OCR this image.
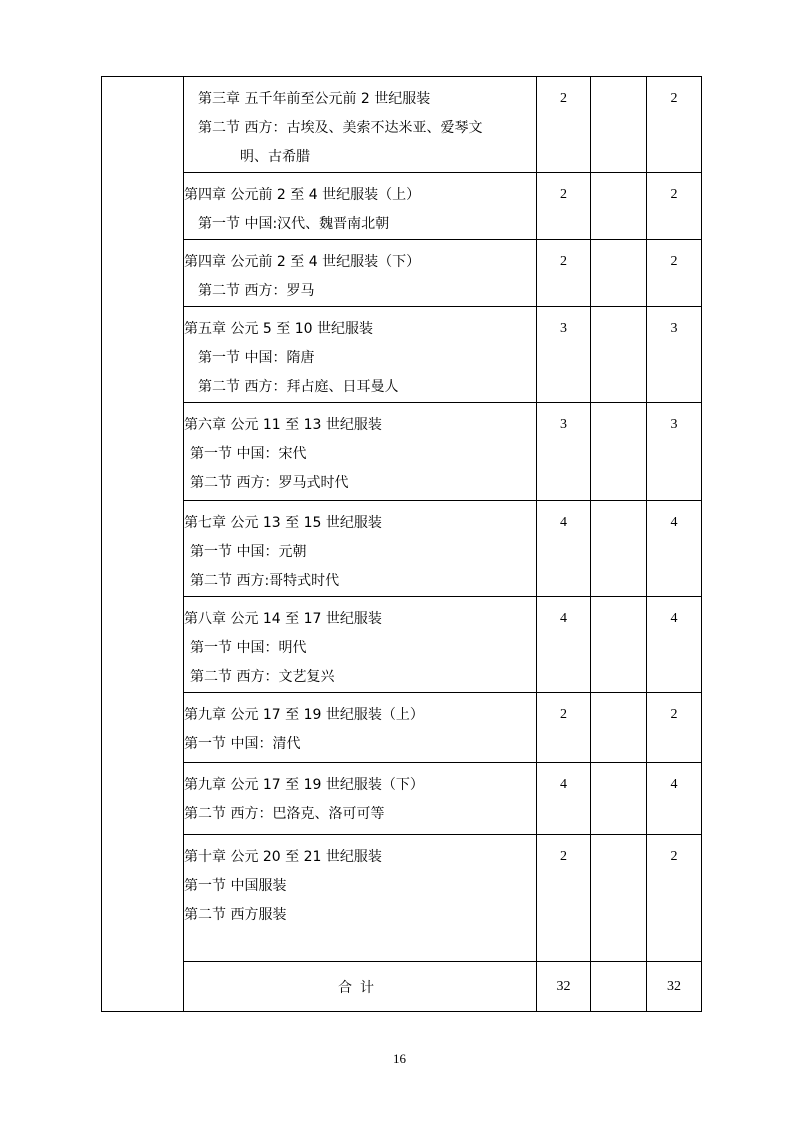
	第三章 五千年前至公元前 2 世纪服装
第二节 西方：古埃及、美索不达米亚、爱琴文
明、古希腊	2		2

	第四章 公元前 2 至 4 世纪服装（上）
第一节 中国:汉代、魏晋南北朝	2		2

	第四章 公元前 2 至 4 世纪服装（下）
第二节 西方：罗马	2		2

	第五章 公元 5 至 10 世纪服装
第一节 中国：隋唐
第二节 西方：拜占庭、日耳曼人	3		3

	第六章 公元 11 至 13 世纪服装
第一节 中国：宋代
第二节 西方：罗马式时代	3		3

	第七章 公元 13 至 15 世纪服装
第一节 中国：元朝
第二节 西方:哥特式时代	4		4

	第八章 公元 14 至 17 世纪服装
第一节 中国：明代
第二节 西方：文艺复兴	4		4

	第九章 公元 17 至 19 世纪服装（上）
第一节 中国：清代	2		2

	第九章 公元 17 至 19 世纪服装（下）
第二节 西方：巴洛克、洛可可等	4		4

	第十章 公元 20 至 21 世纪服装
第一节 中国服装
第二节 西方服装	2		2
	合计	32		32
16
